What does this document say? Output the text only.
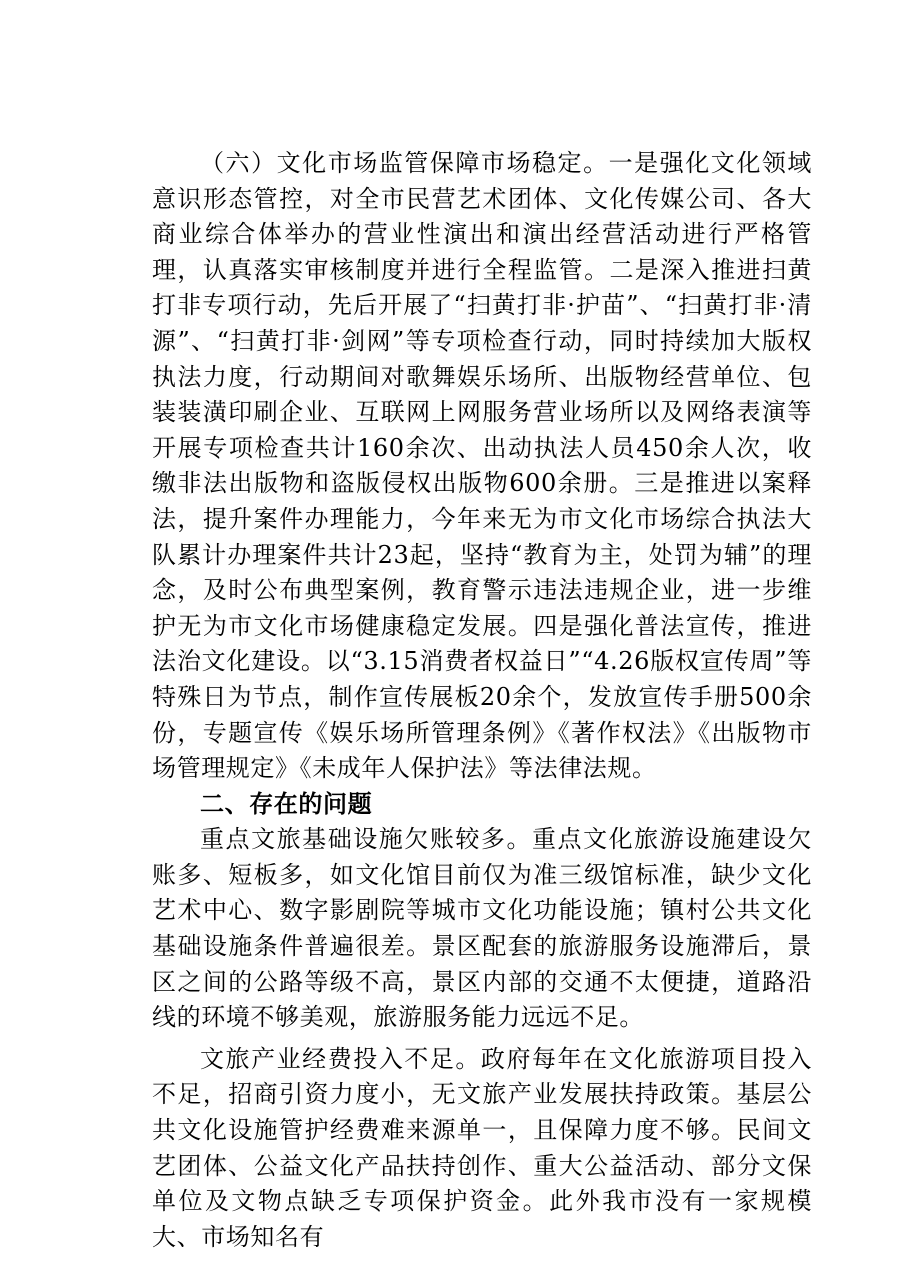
（六）文化市场监管保障市场稳定。一是强化文化领域意识形态管控，对全市民营艺术团体、文化传媒公司、各大商业综合体举办的营业性演出和演出经营活动进行严格管理，认真落实审核制度并进行全程监管。二是深入推进扫黄打非专项行动，先后开展了“扫黄打非·护苗”、“扫黄打非·清源”、“扫黄打非·剑网”等专项检查行动，同时持续加大版权执法力度，行动期间对歌舞娱乐场所、出版物经营单位、包装装潢印刷企业、互联网上网服务营业场所以及网络表演等开展专项检查共计160余次、出动执法人员450余人次，收缴非法出版物和盗版侵权出版物600余册。三是推进以案释法，提升案件办理能力，今年来无为市文化市场综合执法大队累计办理案件共计23起，坚持“教育为主，处罚为辅”的理念，及时公布典型案例，教育警示违法违规企业，进一步维护无为市文化市场健康稳定发展。四是强化普法宣传，推进法治文化建设。以“3.15消费者权益日”“4.26版权宣传周”等特殊日为节点，制作宣传展板20余个，发放宣传手册500余份，专题宣传《娱乐场所管理条例》《著作权法》《出版物市场管理规定》《未成年人保护法》等法律法规。

二、存在的问题

重点文旅基础设施欠账较多。重点文化旅游设施建设欠账多、短板多，如文化馆目前仅为准三级馆标准，缺少文化艺术中心、数字影剧院等城市文化功能设施；镇村公共文化基础设施条件普遍很差。景区配套的旅游服务设施滞后，景区之间的公路等级不高，景区内部的交通不太便捷，道路沿线的环境不够美观，旅游服务能力远远不足。

文旅产业经费投入不足。政府每年在文化旅游项目投入不足，招商引资力度小，无文旅产业发展扶持政策。基层公共文化设施管护经费难来源单一，且保障力度不够。民间文艺团体、公益文化产品扶持创作、重大公益活动、部分文保单位及文物点缺乏专项保护资金。此外我市没有一家规模大、市场知名有
